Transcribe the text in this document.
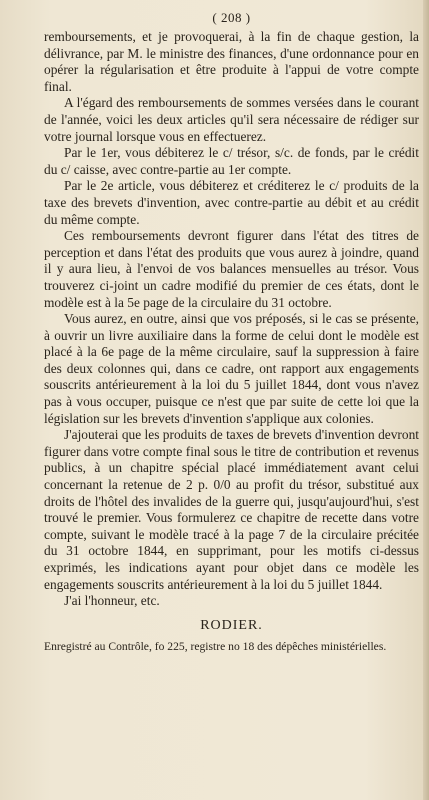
( 208 )

remboursements, et je provoquerai, à la fin de chaque gestion, la délivrance, par M. le ministre des finances, d'une ordonnance pour en opérer la régularisation et être produite à l'appui de votre compte final.

A l'égard des remboursements de sommes versées dans le courant de l'année, voici les deux articles qu'il sera nécessaire de rédiger sur votre journal lorsque vous en effectuerez.

Par le 1er, vous débiterez le c/ trésor, s/c. de fonds, par le crédit du c/ caisse, avec contre-partie au 1er compte.

Par le 2e article, vous débiterez et créditerez le c/ produits de la taxe des brevets d'invention, avec contre-partie au débit et au crédit du même compte.

Ces remboursements devront figurer dans l'état des titres de perception et dans l'état des produits que vous aurez à joindre, quand il y aura lieu, à l'envoi de vos balances mensuelles au trésor. Vous trouverez ci-joint un cadre modifié du premier de ces états, dont le modèle est à la 5e page de la circulaire du 31 octobre.

Vous aurez, en outre, ainsi que vos préposés, si le cas se présente, à ouvrir un livre auxiliaire dans la forme de celui dont le modèle est placé à la 6e page de la même circulaire, sauf la suppression à faire des deux colonnes qui, dans ce cadre, ont rapport aux engagements souscrits antérieurement à la loi du 5 juillet 1844, dont vous n'avez pas à vous occuper, puisque ce n'est que par suite de cette loi que la législation sur les brevets d'invention s'applique aux colonies.

J'ajouterai que les produits de taxes de brevets d'invention devront figurer dans votre compte final sous le titre de contribution et revenus publics, à un chapitre spécial placé immédiatement avant celui concernant la retenue de 2 p. 0/0 au profit du trésor, substitué aux droits de l'hôtel des invalides de la guerre qui, jusqu'aujourd'hui, s'est trouvé le premier. Vous formulerez ce chapitre de recette dans votre compte, suivant le modèle tracé à la page 7 de la circulaire précitée du 31 octobre 1844, en supprimant, pour les motifs ci-dessus exprimés, les indications ayant pour objet dans ce modèle les engagements souscrits antérieurement à la loi du 5 juillet 1844.

J'ai l'honneur, etc.

RODIER.

Enregistré au Contrôle, fo 225, registre no 18 des dépêches ministérielles.
